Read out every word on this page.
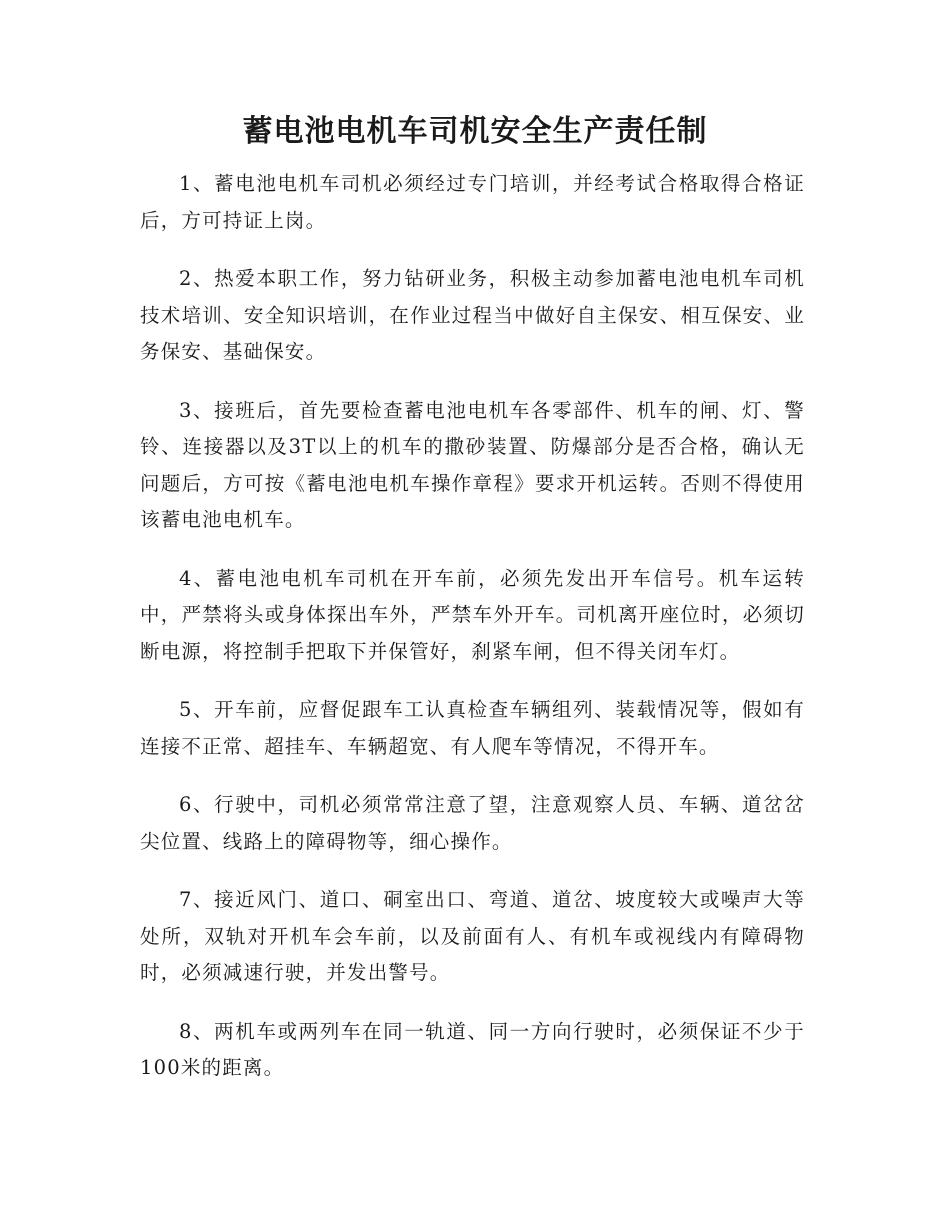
蓄电池电机车司机安全生产责任制

1、蓄电池电机车司机必须经过专门培训，并经考试合格取得合格证后，方可持证上岗。

2、热爱本职工作，努力钻研业务，积极主动参加蓄电池电机车司机技术培训、安全知识培训，在作业过程当中做好自主保安、相互保安、业务保安、基础保安。

3、接班后，首先要检查蓄电池电机车各零部件、机车的闸、灯、警铃、连接器以及3T以上的机车的撒砂装置、防爆部分是否合格，确认无问题后，方可按《蓄电池电机车操作章程》要求开机运转。否则不得使用该蓄电池电机车。

4、蓄电池电机车司机在开车前，必须先发出开车信号。机车运转中，严禁将头或身体探出车外，严禁车外开车。司机离开座位时，必须切断电源，将控制手把取下并保管好，刹紧车闸，但不得关闭车灯。

5、开车前，应督促跟车工认真检查车辆组列、装载情况等，假如有连接不正常、超挂车、车辆超宽、有人爬车等情况，不得开车。

6、行驶中，司机必须常常注意了望，注意观察人员、车辆、道岔岔尖位置、线路上的障碍物等，细心操作。

7、接近风门、道口、硐室出口、弯道、道岔、坡度较大或噪声大等处所，双轨对开机车会车前，以及前面有人、有机车或视线内有障碍物时，必须减速行驶，并发出警号。

8、两机车或两列车在同一轨道、同一方向行驶时，必须保证不少于100米的距离。
